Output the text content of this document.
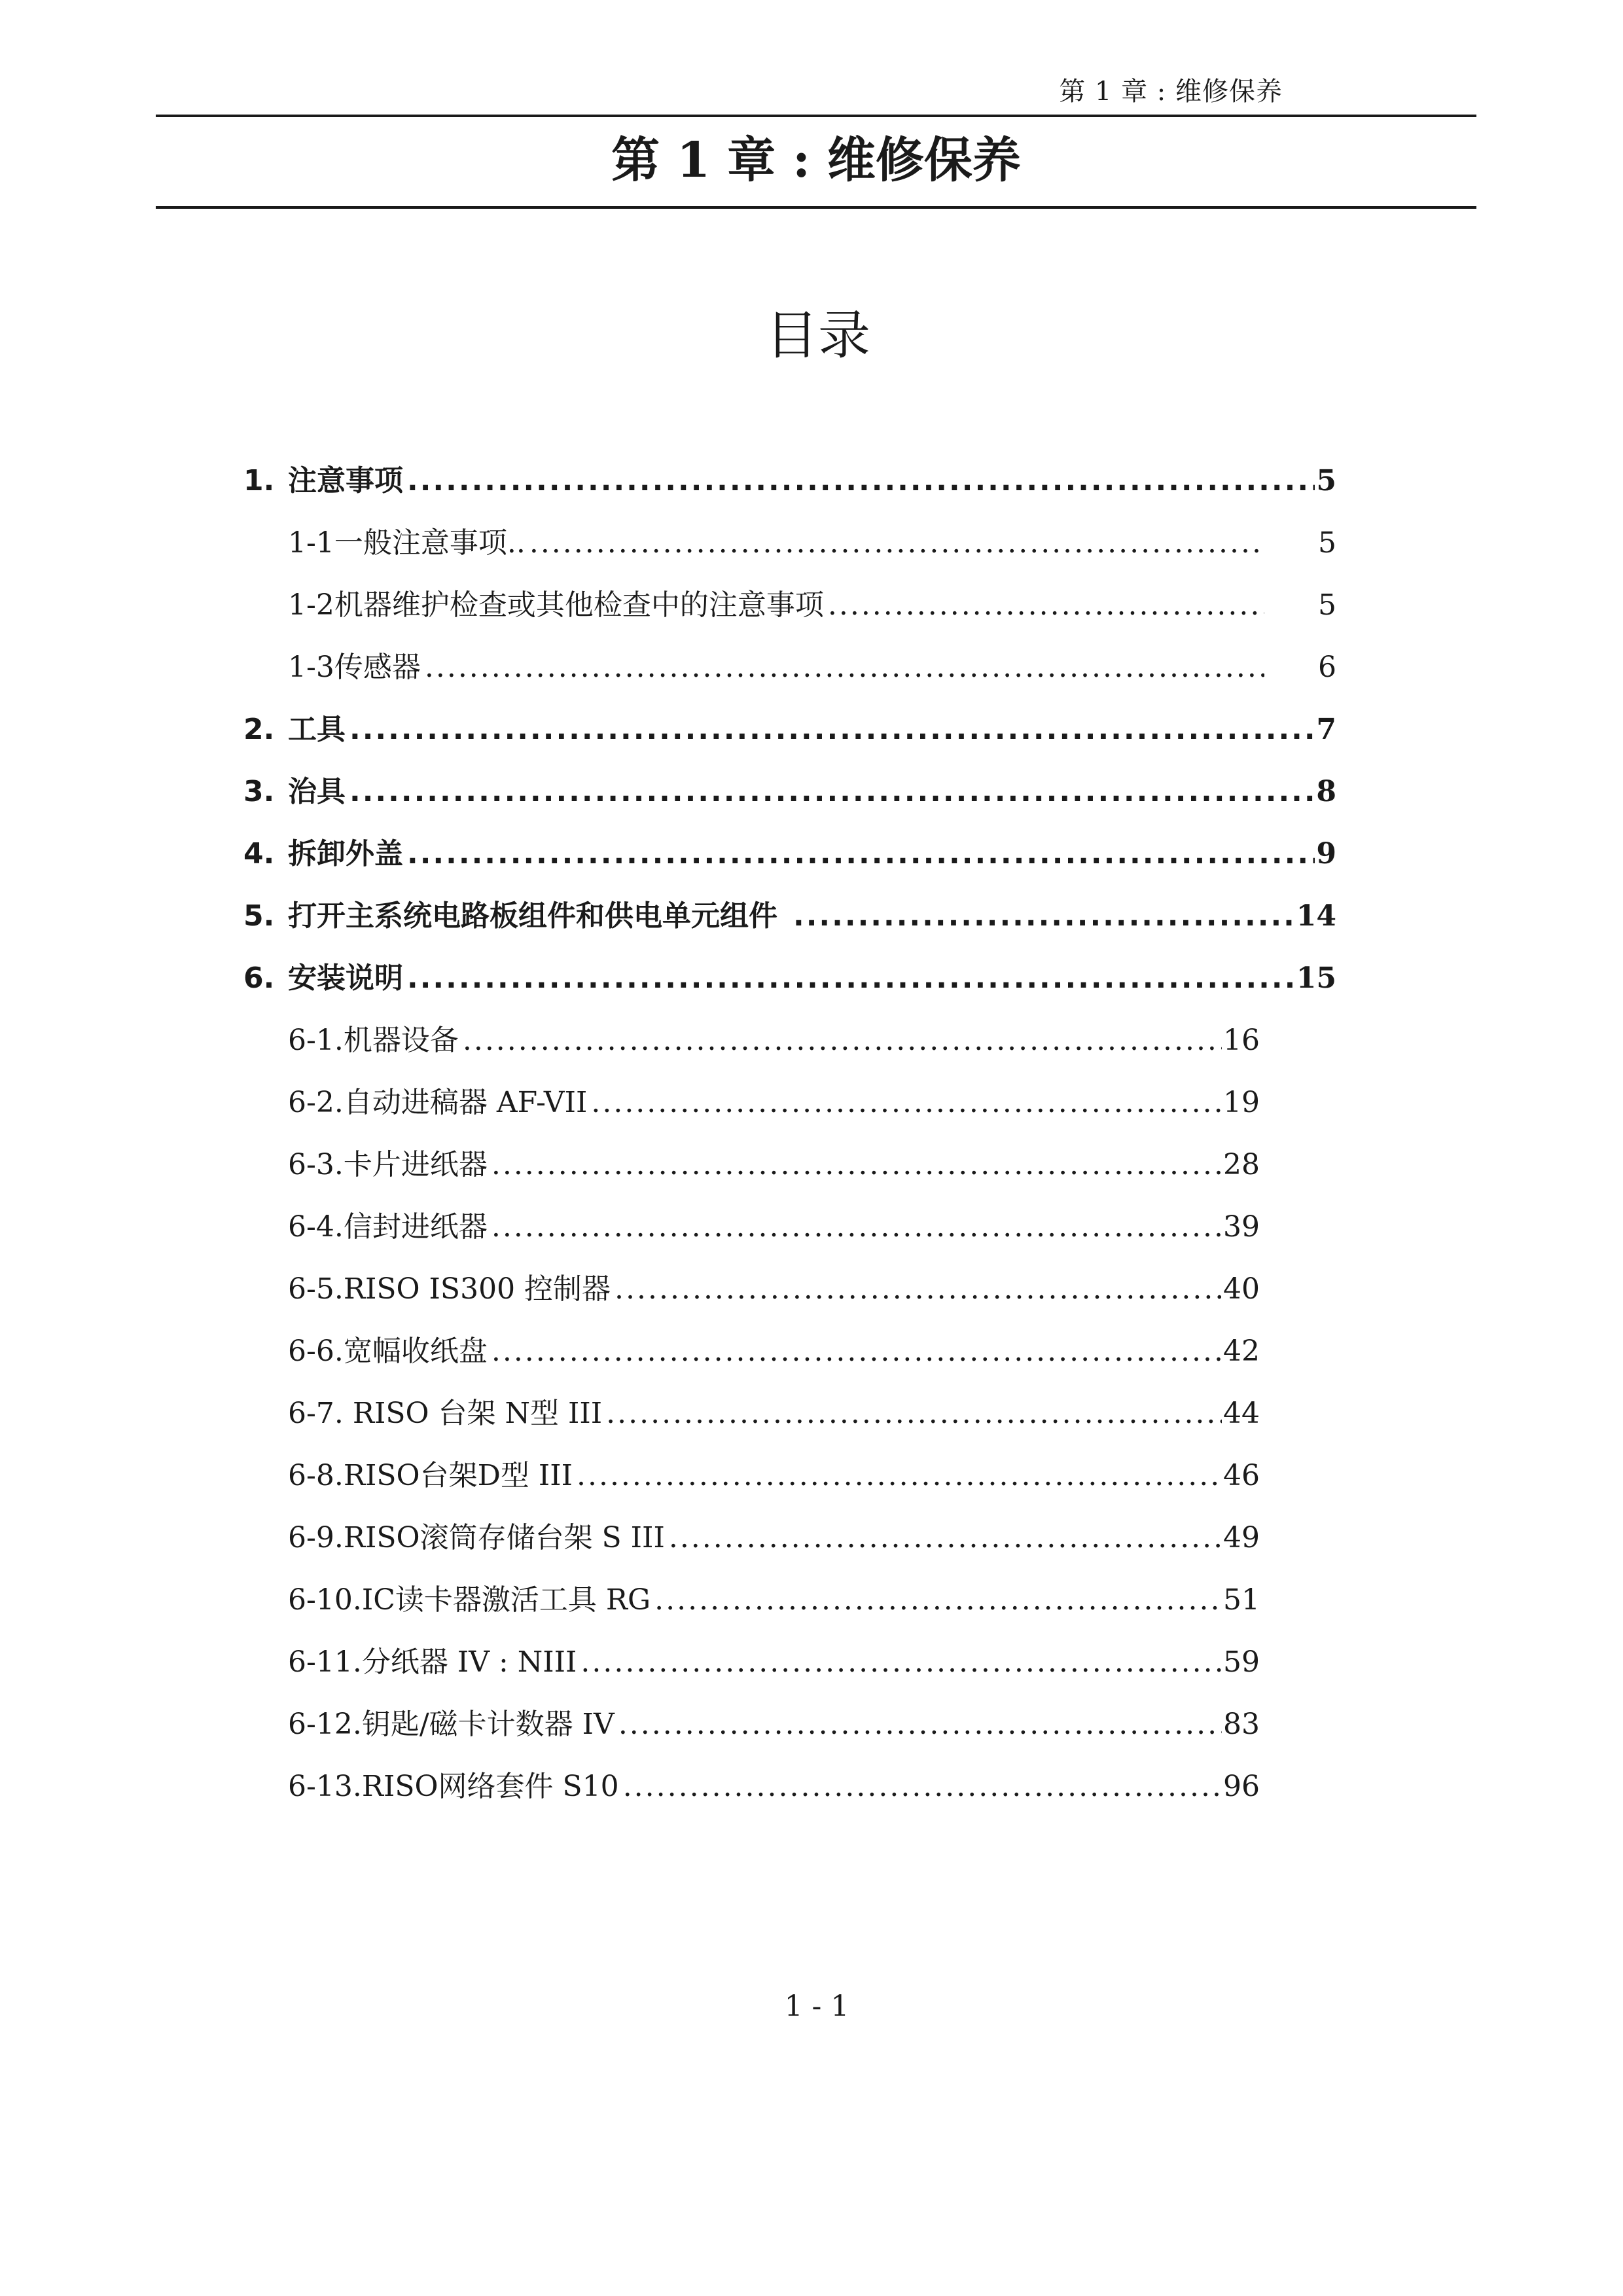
第 1 章 : 维修保养
第 1 章 : 维修保养
目录
1. 注意事项 .....	5
1-1一般注意事项.. .....	5
1-2机器维护检查或其他检查中的注意事项 .....	5
1-3传感器 .....	6
2. 工具 .....	7
3. 治具 .....	8
4. 拆卸外盖 .....	9
5. 打开主系统电路板组件和供电单元组件 .....	14
6. 安装说明 .....	15
6-1.机器设备 .....	16
6-2.自动进稿器 AF-VII .....	19
6-3.卡片进纸器 .....	28
6-4.信封进纸器 .....	39
6-5.RISO IS300 控制器 .....	40
6-6.宽幅收纸盘 .....	42
6-7. RISO 台架 N型 III .....	44
6-8.RISO台架D型 III .....	46
6-9.RISO滚筒存储台架 S III .....	49
6-10.IC读卡器激活工具 RG .....	51
6-11.分纸器 IV : NIII .....	59
6-12.钥匙/磁卡计数器 IV .....	83
6-13.RISO网络套件 S10 .....	96
1 - 1
